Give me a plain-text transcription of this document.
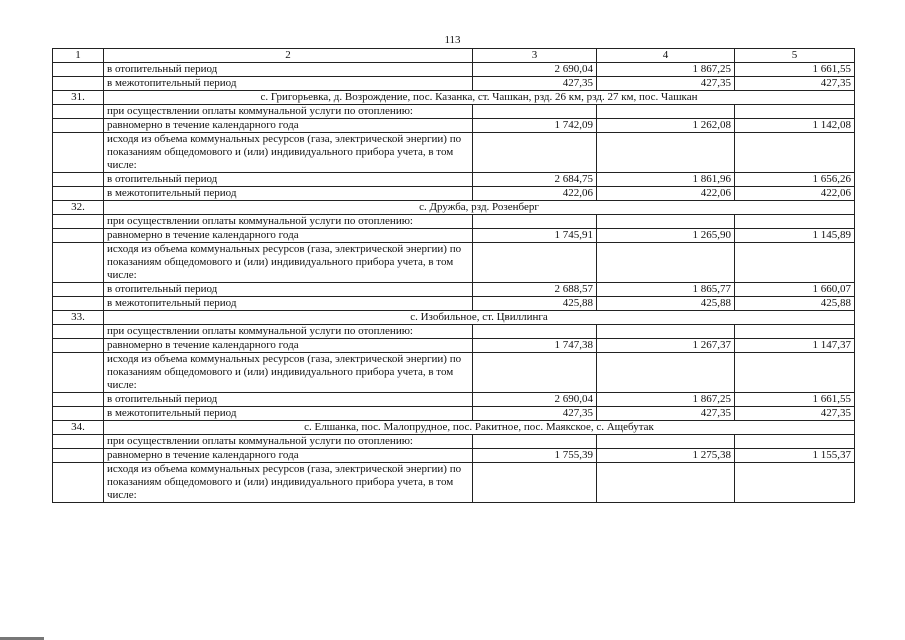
113
1	2	3	4	5
	в отопительный период	2 690,04	1 867,25	1 661,55
	в межотопительный период	427,35	427,35	427,35
31.	с. Григорьевка, д. Возрождение, пос. Казанка, ст. Чашкан, рзд. 26 км, рзд. 27 км, пос. Чашкан			
	при осуществлении оплаты коммунальной услуги по отоплению:			
	равномерно в течение календарного года	1 742,09	1 262,08	1 142,08
	исходя из объема коммунальных ресурсов (газа, электрической энергии) по показаниям общедомового и (или) индивидуального прибора учета, в том числе:			
	в отопительный период	2 684,75	1 861,96	1 656,26
	в межотопительный период	422,06	422,06	422,06
32.	с. Дружба, рзд. Розенберг			
	при осуществлении оплаты коммунальной услуги по отоплению:			
	равномерно в течение календарного года	1 745,91	1 265,90	1 145,89
	исходя из объема коммунальных ресурсов (газа, электрической энергии) по показаниям общедомового и (или) индивидуального прибора учета, в том числе:			
	в отопительный период	2 688,57	1 865,77	1 660,07
	в межотопительный период	425,88	425,88	425,88
33.	с. Изобильное, ст. Цвиллинга			
	при осуществлении оплаты коммунальной услуги по отоплению:			
	равномерно в течение календарного года	1 747,38	1 267,37	1 147,37
	исходя из объема коммунальных ресурсов (газа, электрической энергии) по показаниям общедомового и (или) индивидуального прибора учета, в том числе:			
	в отопительный период	2 690,04	1 867,25	1 661,55
	в межотопительный период	427,35	427,35	427,35
34.	с. Елшанка, пос. Малопрудное, пос. Ракитное, пос. Маякское, с. Ащебутак			
	при осуществлении оплаты коммунальной услуги по отоплению:			
	равномерно в течение календарного года	1 755,39	1 275,38	1 155,37
	исходя из объема коммунальных ресурсов (газа, электрической энергии) по показаниям общедомового и (или) индивидуального прибора учета, в том числе:			
